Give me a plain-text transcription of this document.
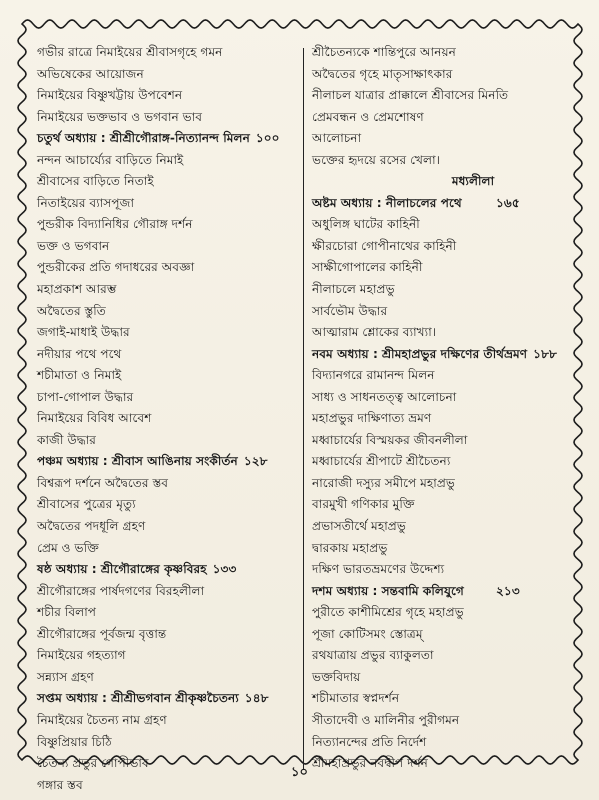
গভীর রাত্রে নিমাইয়ের শ্রীবাসগৃহে গমন
অভিষেকের আয়োজন
নিমাইয়ের বিষ্ণুখট্টায় উপবেশন
নিমাইয়ের ভক্তভাব ও ভগবান ভাব
চতুর্থ অধ্যায় : শ্রীশ্রীগৌরাঙ্গ-নিত্যানন্দ মিলন ১০০
নন্দন আচার্য্যের বাড়িতে নিমাই
শ্রীবাসের বাড়িতে নিতাই
নিতাইয়ের ব্যাসপূজা
পুন্ডরীক বিদ্যানিধির গৌরাঙ্গ দর্শন
ভক্ত ও ভগবান
পুন্ডরীকের প্রতি গদাধরের অবজ্ঞা
মহাপ্রকাশ আরম্ভ
অদ্বৈতের স্তুতি
জগাই-মাধাই উদ্ধার
নদীয়ার পথে পথে
শচীমাতা ও নিমাই
চাপা-গোপাল উদ্ধার
নিমাইয়ের বিবিধ আবেশ
কাজী উদ্ধার
পঞ্চম অধ্যায় : শ্রীবাস আঙিনায় সংকীর্তন ১২৮
বিশ্বরূপ দর্শনে অদ্বৈতের স্তব
শ্রীবাসের পুত্রের মৃত্যু
অদ্বৈতের পদধূলি গ্রহণ
প্রেম ও ভক্তি
ষষ্ঠ অধ্যায় : শ্রীগৌরাঙ্গের কৃষ্ণবিরহ ১৩৩
শ্রীগৌরাঙ্গের পার্ষদগণের বিরহলীলা
শচীর বিলাপ
শ্রীগৌরাঙ্গের পূর্বজন্ম বৃত্তান্ত
নিমাইয়ের গহত্যাগ
সন্ন্যাস গ্রহণ
সপ্তম অধ্যায় : শ্রীশ্রীভগবান শ্রীকৃষ্ণচৈতন্য ১৪৮
নিমাইয়ের চৈতন্য নাম গ্রহণ
বিষ্ণুপ্রিয়ার চিঠি
চৈতন্য প্রভুর গোপীভাব
গঙ্গার স্তব
শ্রীচৈতন্যকে শান্তিপুরে আনয়ন
অদ্বৈতের গৃহে মাতৃসাক্ষাৎকার
নীলাচল যাত্রার প্রাক্কালে শ্রীবাসের মিনতি
প্রেমবন্ধন ও প্রেমশোষণ
আলোচনা
ভক্তের হৃদয়ে রসের খেলা।
মধ্যলীলা
অষ্টম অধ্যায় : নীলাচলের পথে	১৬৫
অধুলিঙ্গ ঘাটের কাহিনী
ক্ষীরচোরা গোপীনাথের কাহিনী
সাক্ষীগোপালের কাহিনী
নীলাচলে মহাপ্রভু
সার্বভৌম উদ্ধার
আত্মারাম শ্লোকের ব্যাখ্যা।
নবম অধ্যায় : শ্রীমহাপ্রভুর দক্ষিণের তীর্থভ্রমণ ১৮৮
বিদ্যানগরে রামানন্দ মিলন
সাধ্য ও সাধনতত্ত্ব আলোচনা
মহাপ্রভুর দাক্ষিণাত্য ভ্রমণ
মধ্বাচার্যের বিস্ময়কর জীবনলীলা
মধ্বাচার্যের শ্রীপাটে শ্রীচৈতন্য
নারোজী দস্যুর সমীপে মহাপ্রভু
বারমুখী গণিকার মুক্তি
প্রভাসতীর্থে মহাপ্রভু
দ্বারকায় মহাপ্রভু
দক্ষিণ ভারতভ্রমণের উদ্দেশ্য
দশম অধ্যায় : সন্তবামি কলিযুগে	২১৩
পুরীতে কাশীমিশ্রের গৃহে মহাপ্রভু
পূজা কোটিসমং স্তোত্রম্
রথযাত্রায় প্রভুর ব্যাকুলতা
ভক্তবিদায়
শচীমাতার স্বপ্নদর্শন
সীতাদেবী ও মালিনীর পুরীগমন
নিত্যানন্দের প্রতি নির্দেশ
শ্রীমহাপ্রভুর নবদ্বীপ দর্শন
১০
